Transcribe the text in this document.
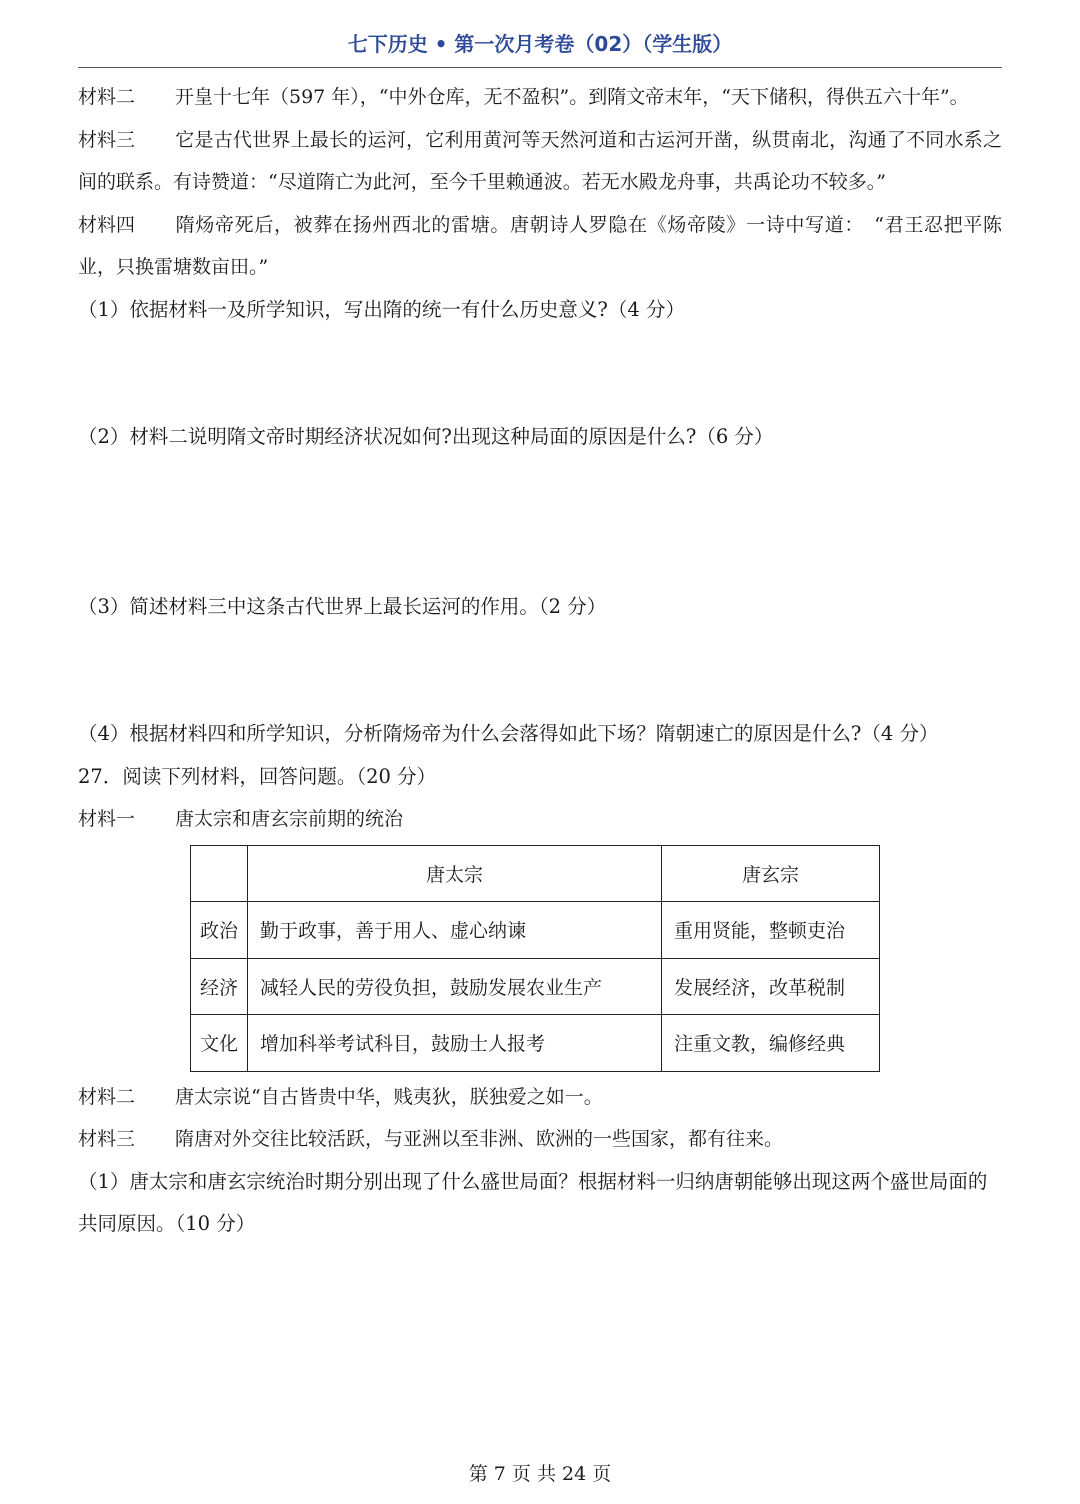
七下历史 • 第一次月考卷（02）（学生版）

材料二 开皇十七年（597 年），“中外仓库，无不盈积”。到隋文帝末年，“天下储积，得供五六十年”。

材料三 它是古代世界上最长的运河，它利用黄河等天然河道和古运河开凿，纵贯南北，沟通了不同水系之间的联系。有诗赞道：“尽道隋亡为此河，至今千里赖通波。若无水殿龙舟事，共禹论功不较多。”

材料四 隋炀帝死后，被葬在扬州西北的雷塘。唐朝诗人罗隐在《炀帝陵》一诗中写道：　“君王忍把平陈业，只换雷塘数亩田。”

（1）依据材料一及所学知识，写出隋的统一有什么历史意义?（4 分）

（2）材料二说明隋文帝时期经济状况如何?出现这种局面的原因是什么?（6 分）

（3）简述材料三中这条古代世界上最长运河的作用。（2 分）

（4）根据材料四和所学知识，分析隋炀帝为什么会落得如此下场？隋朝速亡的原因是什么?（4 分）

27．阅读下列材料，回答问题。（20 分）

材料一 唐太宗和唐玄宗前期的统治

	唐太宗	唐玄宗
政治	勤于政事，善于用人、虚心纳谏	重用贤能，整顿吏治
经济	减轻人民的劳役负担，鼓励发展农业生产	发展经济，改革税制
文化	增加科举考试科目，鼓励士人报考	注重文教，编修经典

材料二 唐太宗说“自古皆贵中华，贱夷狄，朕独爱之如一。

材料三 隋唐对外交往比较活跃，与亚洲以至非洲、欧洲的一些国家，都有往来。

（1）唐太宗和唐玄宗统治时期分别出现了什么盛世局面？根据材料一归纳唐朝能够出现这两个盛世局面的共同原因。（10 分）

第 7 页 共 24 页
